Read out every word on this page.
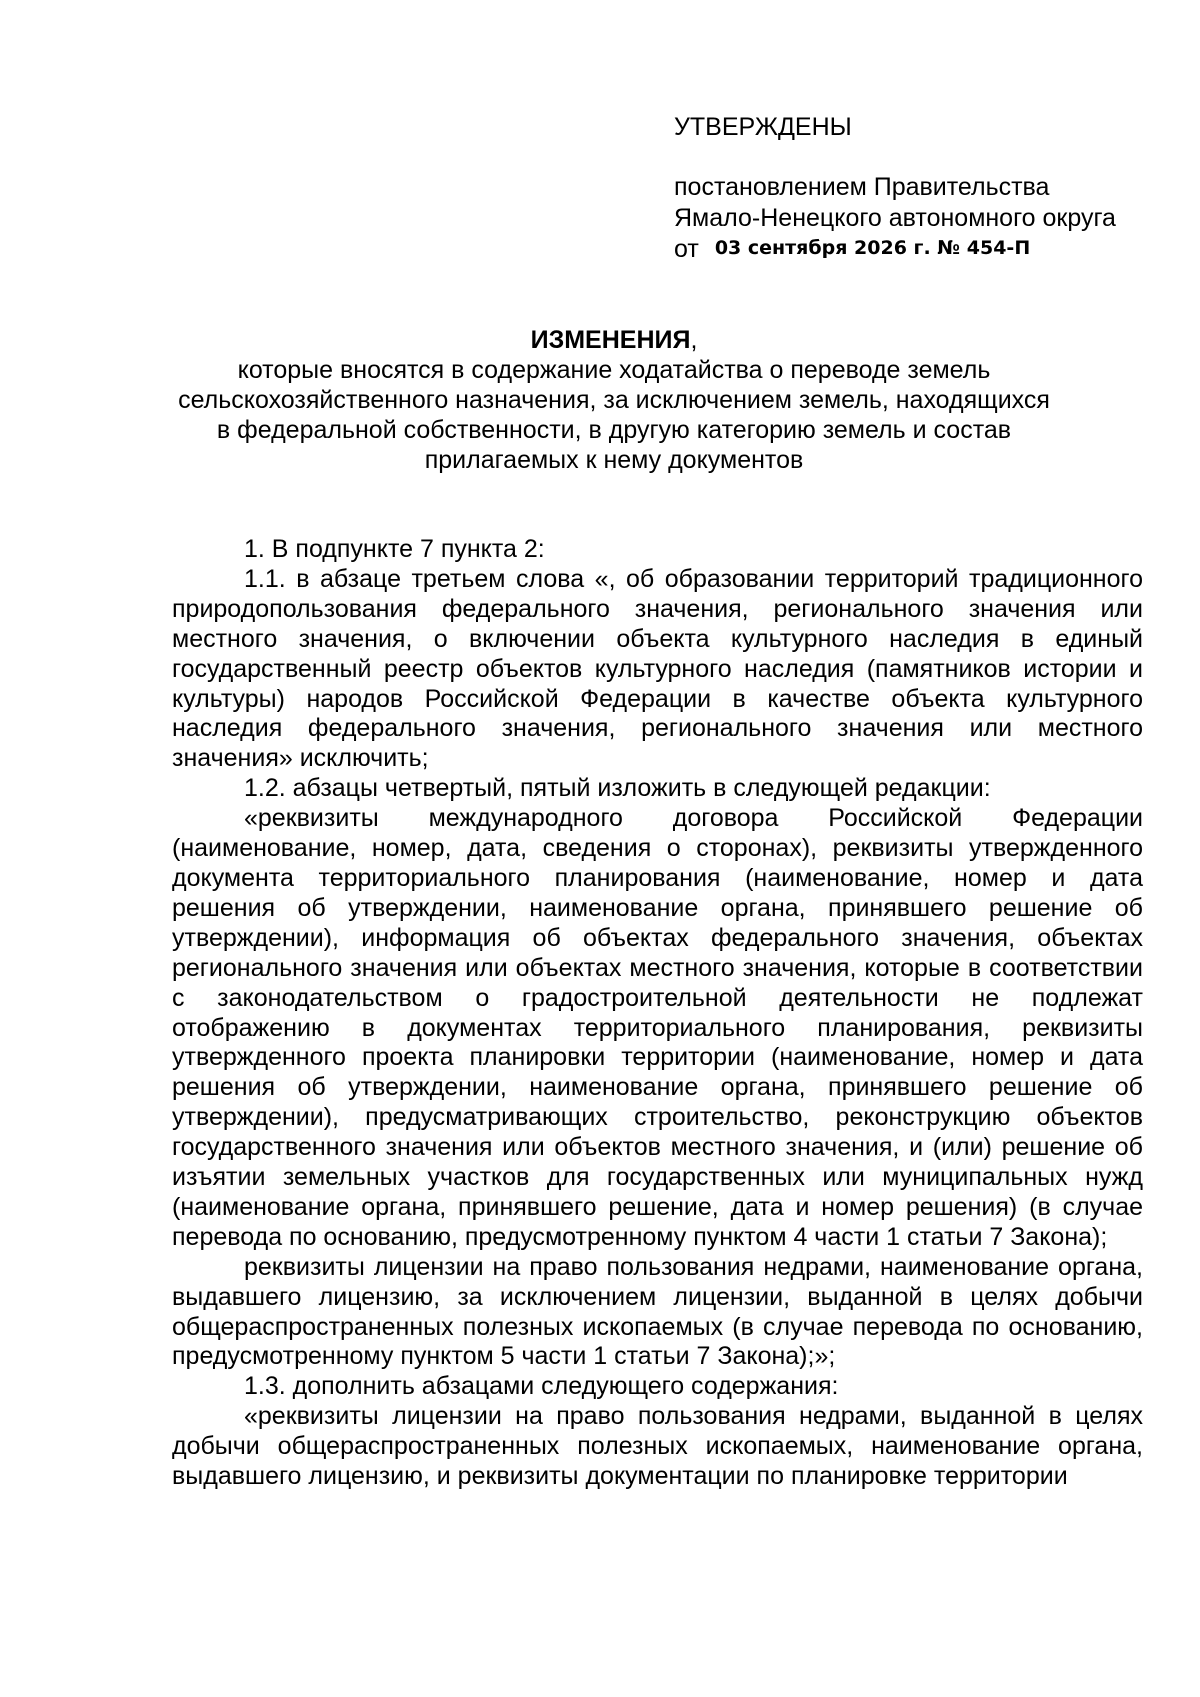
УТВЕРЖДЕНЫ
постановлением Правительства
Ямало-Ненецкого автономного округа
от 03 сентября 2026 г. № 454-П
ИЗМЕНЕНИЯ,
которые вносятся в содержание ходатайства о переводе земель сельскохозяйственного назначения, за исключением земель, находящихся в федеральной собственности, в другую категорию земель и состав прилагаемых к нему документов

1. В подпункте 7 пункта 2:

1.1. в абзаце третьем слова «, об образовании территорий традиционного природопользования федерального значения, регионального значения или местного значения, о включении объекта культурного наследия в единый государственный реестр объектов культурного наследия (памятников истории и культуры) народов Российской Федерации в качестве объекта культурного наследия федерального значения, регионального значения или местного значения» исключить;

1.2. абзацы четвертый, пятый изложить в следующей редакции:

«реквизиты международного договора Российской Федерации (наименование, номер, дата, сведения о сторонах), реквизиты утвержденного документа территориального планирования (наименование, номер и дата решения об утверждении, наименование органа, принявшего решение об утверждении), информация об объектах федерального значения, объектах регионального значения или объектах местного значения, которые в соответствии с законодательством о градостроительной деятельности не подлежат отображению в документах территориального планирования, реквизиты утвержденного проекта планировки территории (наименование, номер и дата решения об утверждении, наименование органа, принявшего решение об утверждении), предусматривающих строительство, реконструкцию объектов государственного значения или объектов местного значения, и (или) решение об изъятии земельных участков для государственных или муниципальных нужд (наименование органа, принявшего решение, дата и номер решения) (в случае перевода по основанию, предусмотренному пунктом 4 части 1 статьи 7 Закона);

реквизиты лицензии на право пользования недрами, наименование органа, выдавшего лицензию, за исключением лицензии, выданной в целях добычи общераспространенных полезных ископаемых (в случае перевода по основанию, предусмотренному пунктом 5 части 1 статьи 7 Закона);»;

1.3. дополнить абзацами следующего содержания:

«реквизиты лицензии на право пользования недрами, выданной в целях добычи общераспространенных полезных ископаемых, наименование органа, выдавшего лицензию, и реквизиты документации по планировке территории
